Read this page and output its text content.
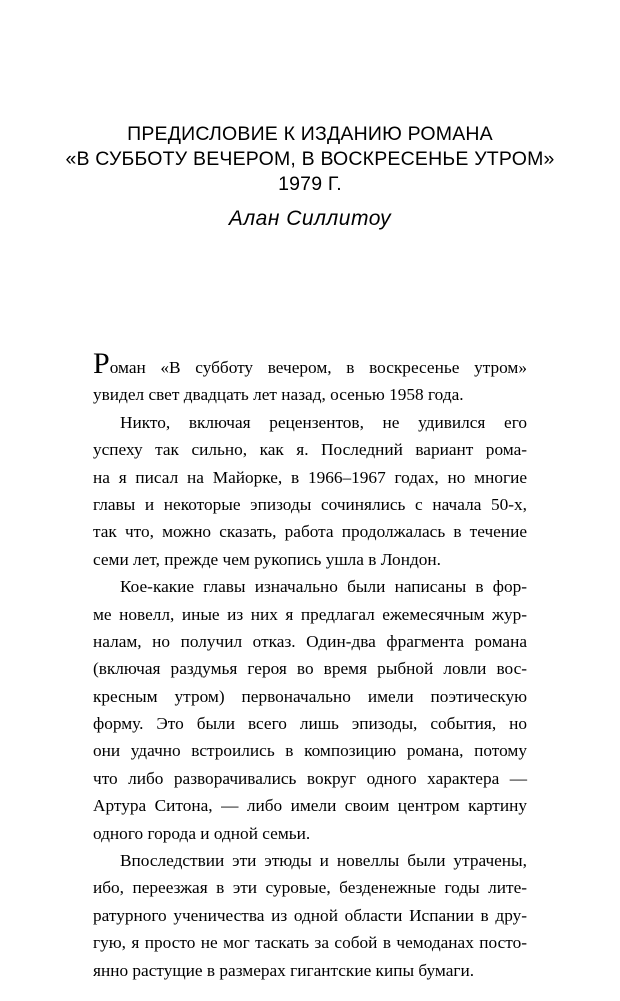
ПРЕДИСЛОВИЕ К ИЗДАНИЮ РОМАНА
«В СУББОТУ ВЕЧЕРОМ, В ВОСКРЕСЕНЬЕ УТРОМ»
1979 Г.
Алан Силлитоу
Роман «В субботу вечером, в воскресенье утром»
увидел свет двадцать лет назад, осенью 1958 года.
Никто, включая рецензентов, не удивился его
успеху так сильно, как я. Последний вариант рома-
на я писал на Майорке, в 1966–1967 годах, но многие
главы и некоторые эпизоды сочинялись с начала 50-х,
так что, можно сказать, работа продолжалась в течение
семи лет, прежде чем рукопись ушла в Лондон.
Кое-какие главы изначально были написаны в фор-
ме новелл, иные из них я предлагал ежемесячным жур-
налам, но получил отказ. Один-два фрагмента романа
(включая раздумья героя во время рыбной ловли вос-
кресным утром) первоначально имели поэтическую
форму. Это были всего лишь эпизоды, события, но
они удачно встроились в композицию романа, потому
что либо разворачивались вокруг одного характера —
Артура Ситона, — либо имели своим центром картину
одного города и одной семьи.
Впоследствии эти этюды и новеллы были утрачены,
ибо, переезжая в эти суровые, безденежные годы лите-
ратурного ученичества из одной области Испании в дру-
гую, я просто не мог таскать за собой в чемоданах посто-
янно растущие в размерах гигантские кипы бумаги.
